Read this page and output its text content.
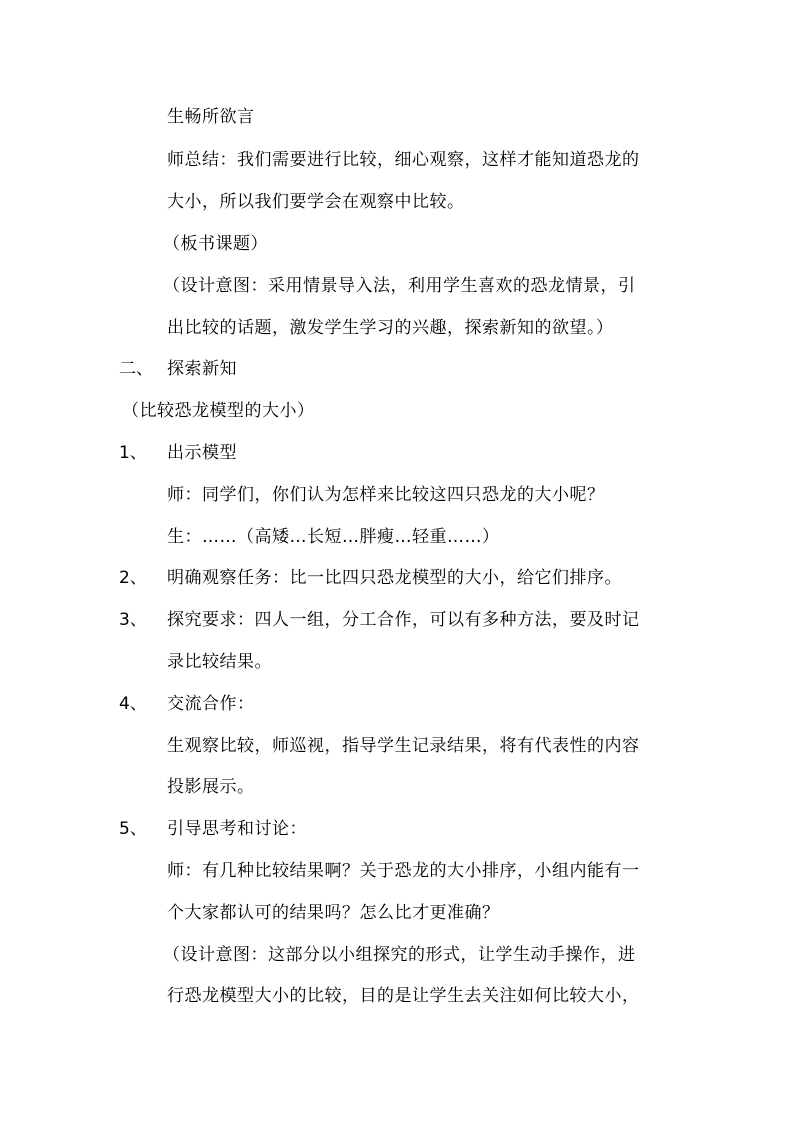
生畅所欲言
师总结：我们需要进行比较，细心观察，这样才能知道恐龙的
大小，所以我们要学会在观察中比较。
（板书课题）
（设计意图：采用情景导入法，利用学生喜欢的恐龙情景，引
出比较的话题，激发学生学习的兴趣，探索新知的欲望。）
二、 探索新知
（比较恐龙模型的大小）
1、 出示模型
师：同学们，你们认为怎样来比较这四只恐龙的大小呢？
生：……（高矮…长短…胖瘦…轻重……）
2、 明确观察任务：比一比四只恐龙模型的大小，给它们排序。
3、 探究要求：四人一组，分工合作，可以有多种方法，要及时记
录比较结果。
4、 交流合作：
生观察比较，师巡视，指导学生记录结果，将有代表性的内容
投影展示。
5、 引导思考和讨论：
师：有几种比较结果啊？关于恐龙的大小排序，小组内能有一
个大家都认可的结果吗？怎么比才更准确？
（设计意图：这部分以小组探究的形式，让学生动手操作，进
行恐龙模型大小的比较，目的是让学生去关注如何比较大小，
